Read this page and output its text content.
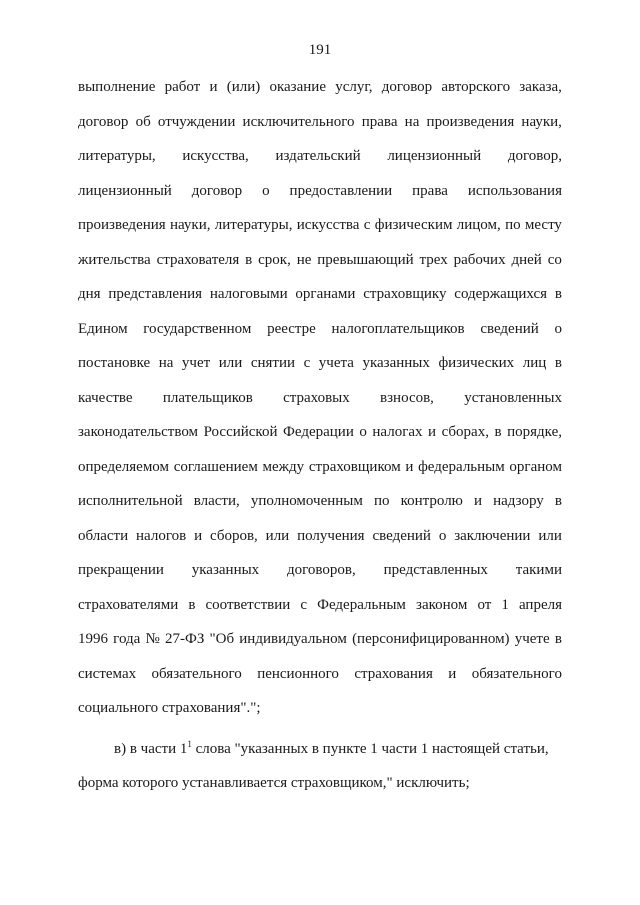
191
выполнение работ и (или) оказание услуг, договор авторского заказа,
договор об отчуждении исключительного права на произведения науки,
литературы, искусства, издательский лицензионный договор,
лицензионный договор о предоставлении права использования
произведения науки, литературы, искусства с физическим лицом, по месту
жительства страхователя в срок, не превышающий трех рабочих дней со
дня представления налоговыми органами страховщику содержащихся в
Едином государственном реестре налогоплательщиков сведений о
постановке на учет или снятии с учета указанных физических лиц в
качестве плательщиков страховых взносов, установленных
законодательством Российской Федерации о налогах и сборах, в порядке,
определяемом соглашением между страховщиком и федеральным органом
исполнительной власти, уполномоченным по контролю и надзору в
области налогов и сборов, или получения сведений о заключении или
прекращении указанных договоров, представленных такими
страхователями в соответствии с Федеральным законом от 1 апреля
1996 года № 27-ФЗ "Об индивидуальном (персонифицированном) учете в
системах обязательного пенсионного страхования и обязательного
социального страхования".";
в) в части $1^1$ слова "указанных в пункте 1 части 1 настоящей статьи,
форма которого устанавливается страховщиком," исключить;
